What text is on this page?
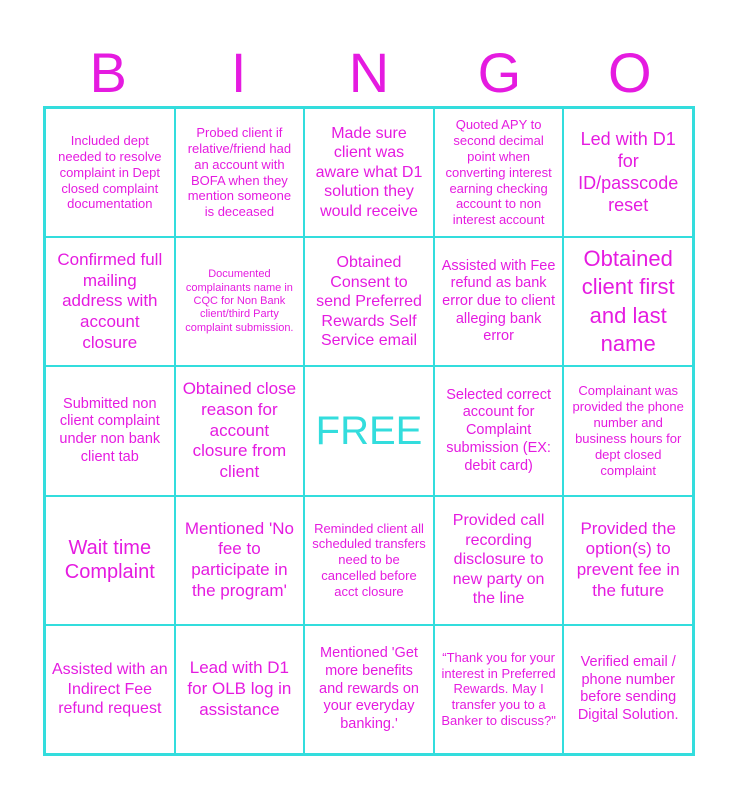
B	I	N	G	O
Included dept needed to resolve complaint in Dept closed complaint documentation
Probed client if relative/friend had an account with BOFA when they mention someone is deceased
Made sure client was aware what D1 solution they would receive
Quoted APY to second decimal point when converting interest earning checking account to non interest account
Led with D1 for ID/passcode reset
Confirmed full mailing address with account closure
Documented complainants name in CQC for Non Bank client/third Party complaint submission.
Obtained Consent to send Preferred Rewards Self Service email
Assisted with Fee refund as bank error due to client alleging bank error
Obtained client first and last name
Submitted non client complaint under non bank client tab
Obtained close reason for account closure from client
FREE
Selected correct account for Complaint submission (EX: debit card)
Complainant was provided the phone number and business hours for dept closed complaint
Wait time Complaint
Mentioned 'No fee to participate in the program'
Reminded client all scheduled transfers need to be cancelled before acct closure
Provided call recording disclosure to new party on the line
Provided the option(s) to prevent fee in the future
Assisted with an Indirect Fee refund request
Lead with D1 for OLB log in assistance
Mentioned 'Get more benefits and rewards on your everyday banking.'
“Thank you for your interest in Preferred Rewards. May I transfer you to a Banker to discuss?"
Verified email / phone number before sending Digital Solution.
